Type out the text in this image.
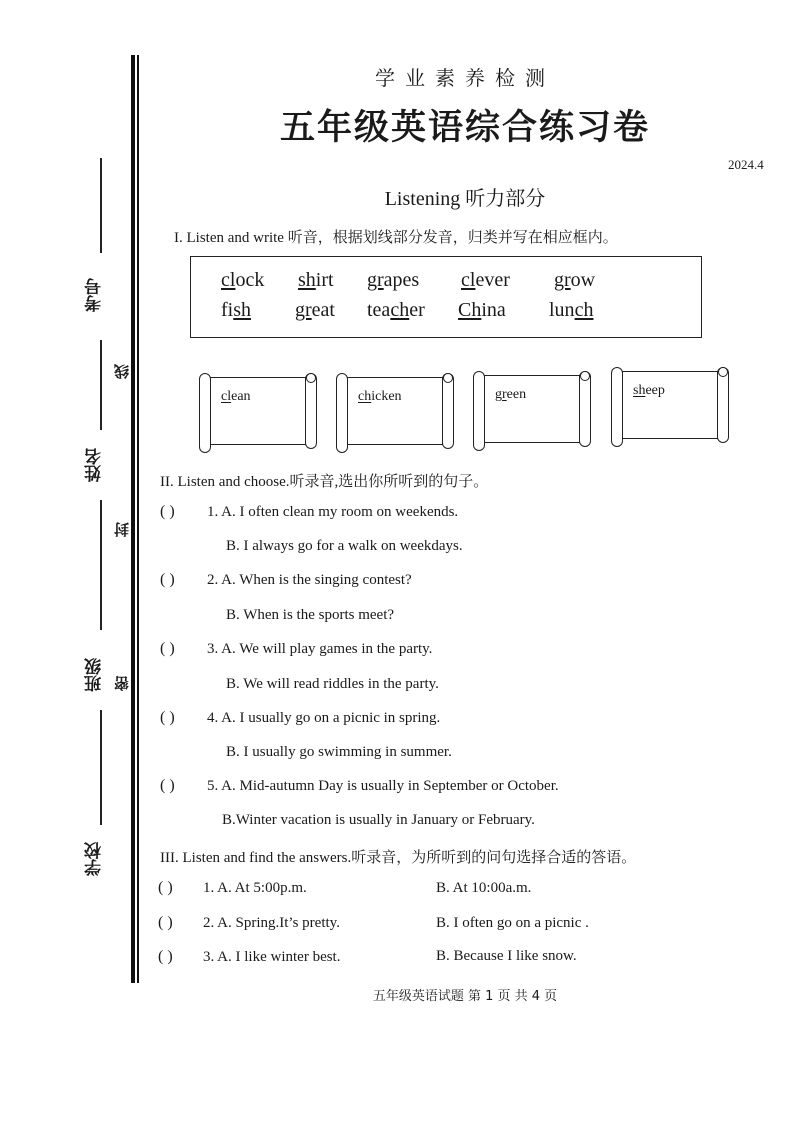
考号
姓名
班级
学校
线
封
密
学业素养检测
五年级英语综合练习卷
2024.4
Listening 听力部分
I. Listen and write 听音，根据划线部分发音，归类并写在相应框内。
clock shirt grapes clever grow
fish great teacher China lunch
clean	chicken	green	sheep
II. Listen and choose.听录音,选出你所听到的句子。
( ) 1. A. I often clean my room on weekends.
B. I always go for a walk on weekdays.
( ) 2. A. When is the singing contest?
B. When is the sports meet?
( ) 3. A. We will play games in the party.
B. We will read riddles in the party.
( ) 4. A. I usually go on a picnic in spring.
B. I usually go swimming in summer.
( ) 5. A. Mid-autumn Day is usually in September or October.
B.Winter vacation is usually in January or February.
III. Listen and find the answers.听录音，为所听到的问句选择合适的答语。
( ) 1. A. At 5:00p.m.	B. At 10:00a.m.
( ) 2. A. Spring.It’s pretty.	B. I often go on a picnic .
( ) 3. A. I like winter best.	B. Because I like snow.
五年级英语试题 第 1 页 共 4 页
